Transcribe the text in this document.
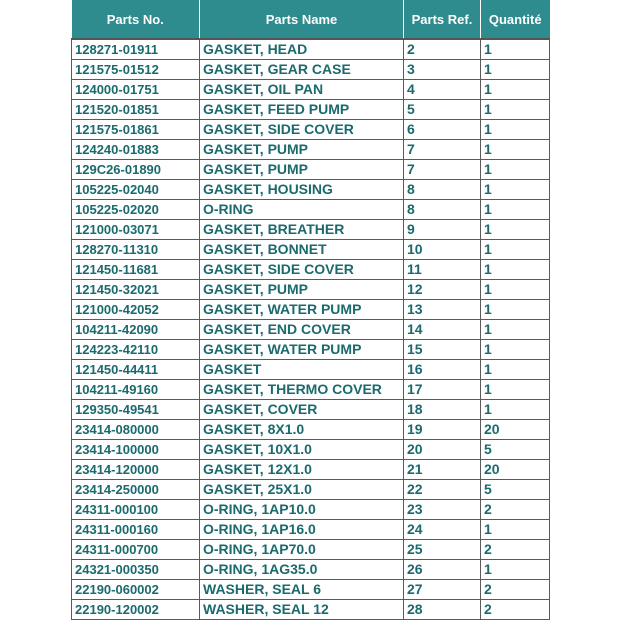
Parts No.	Parts Name	Parts Ref.	Quantité
128271-01911	GASKET, HEAD	2	1
121575-01512	GASKET, GEAR CASE	3	1
124000-01751	GASKET, OIL PAN	4	1
121520-01851	GASKET, FEED PUMP	5	1
121575-01861	GASKET, SIDE COVER	6	1
124240-01883	GASKET, PUMP	7	1
129C26-01890	GASKET, PUMP	7	1
105225-02040	GASKET, HOUSING	8	1
105225-02020	O-RING	8	1
121000-03071	GASKET, BREATHER	9	1
128270-11310	GASKET, BONNET	10	1
121450-11681	GASKET, SIDE COVER	11	1
121450-32021	GASKET, PUMP	12	1
121000-42052	GASKET, WATER PUMP	13	1
104211-42090	GASKET, END COVER	14	1
124223-42110	GASKET, WATER PUMP	15	1
121450-44411	GASKET	16	1
104211-49160	GASKET, THERMO COVER	17	1
129350-49541	GASKET, COVER	18	1
23414-080000	GASKET, 8X1.0	19	20
23414-100000	GASKET, 10X1.0	20	5
23414-120000	GASKET, 12X1.0	21	20
23414-250000	GASKET, 25X1.0	22	5
24311-000100	O-RING, 1AP10.0	23	2
24311-000160	O-RING, 1AP16.0	24	1
24311-000700	O-RING, 1AP70.0	25	2
24321-000350	O-RING, 1AG35.0	26	1
22190-060002	WASHER, SEAL 6	27	2
22190-120002	WASHER, SEAL 12	28	2
